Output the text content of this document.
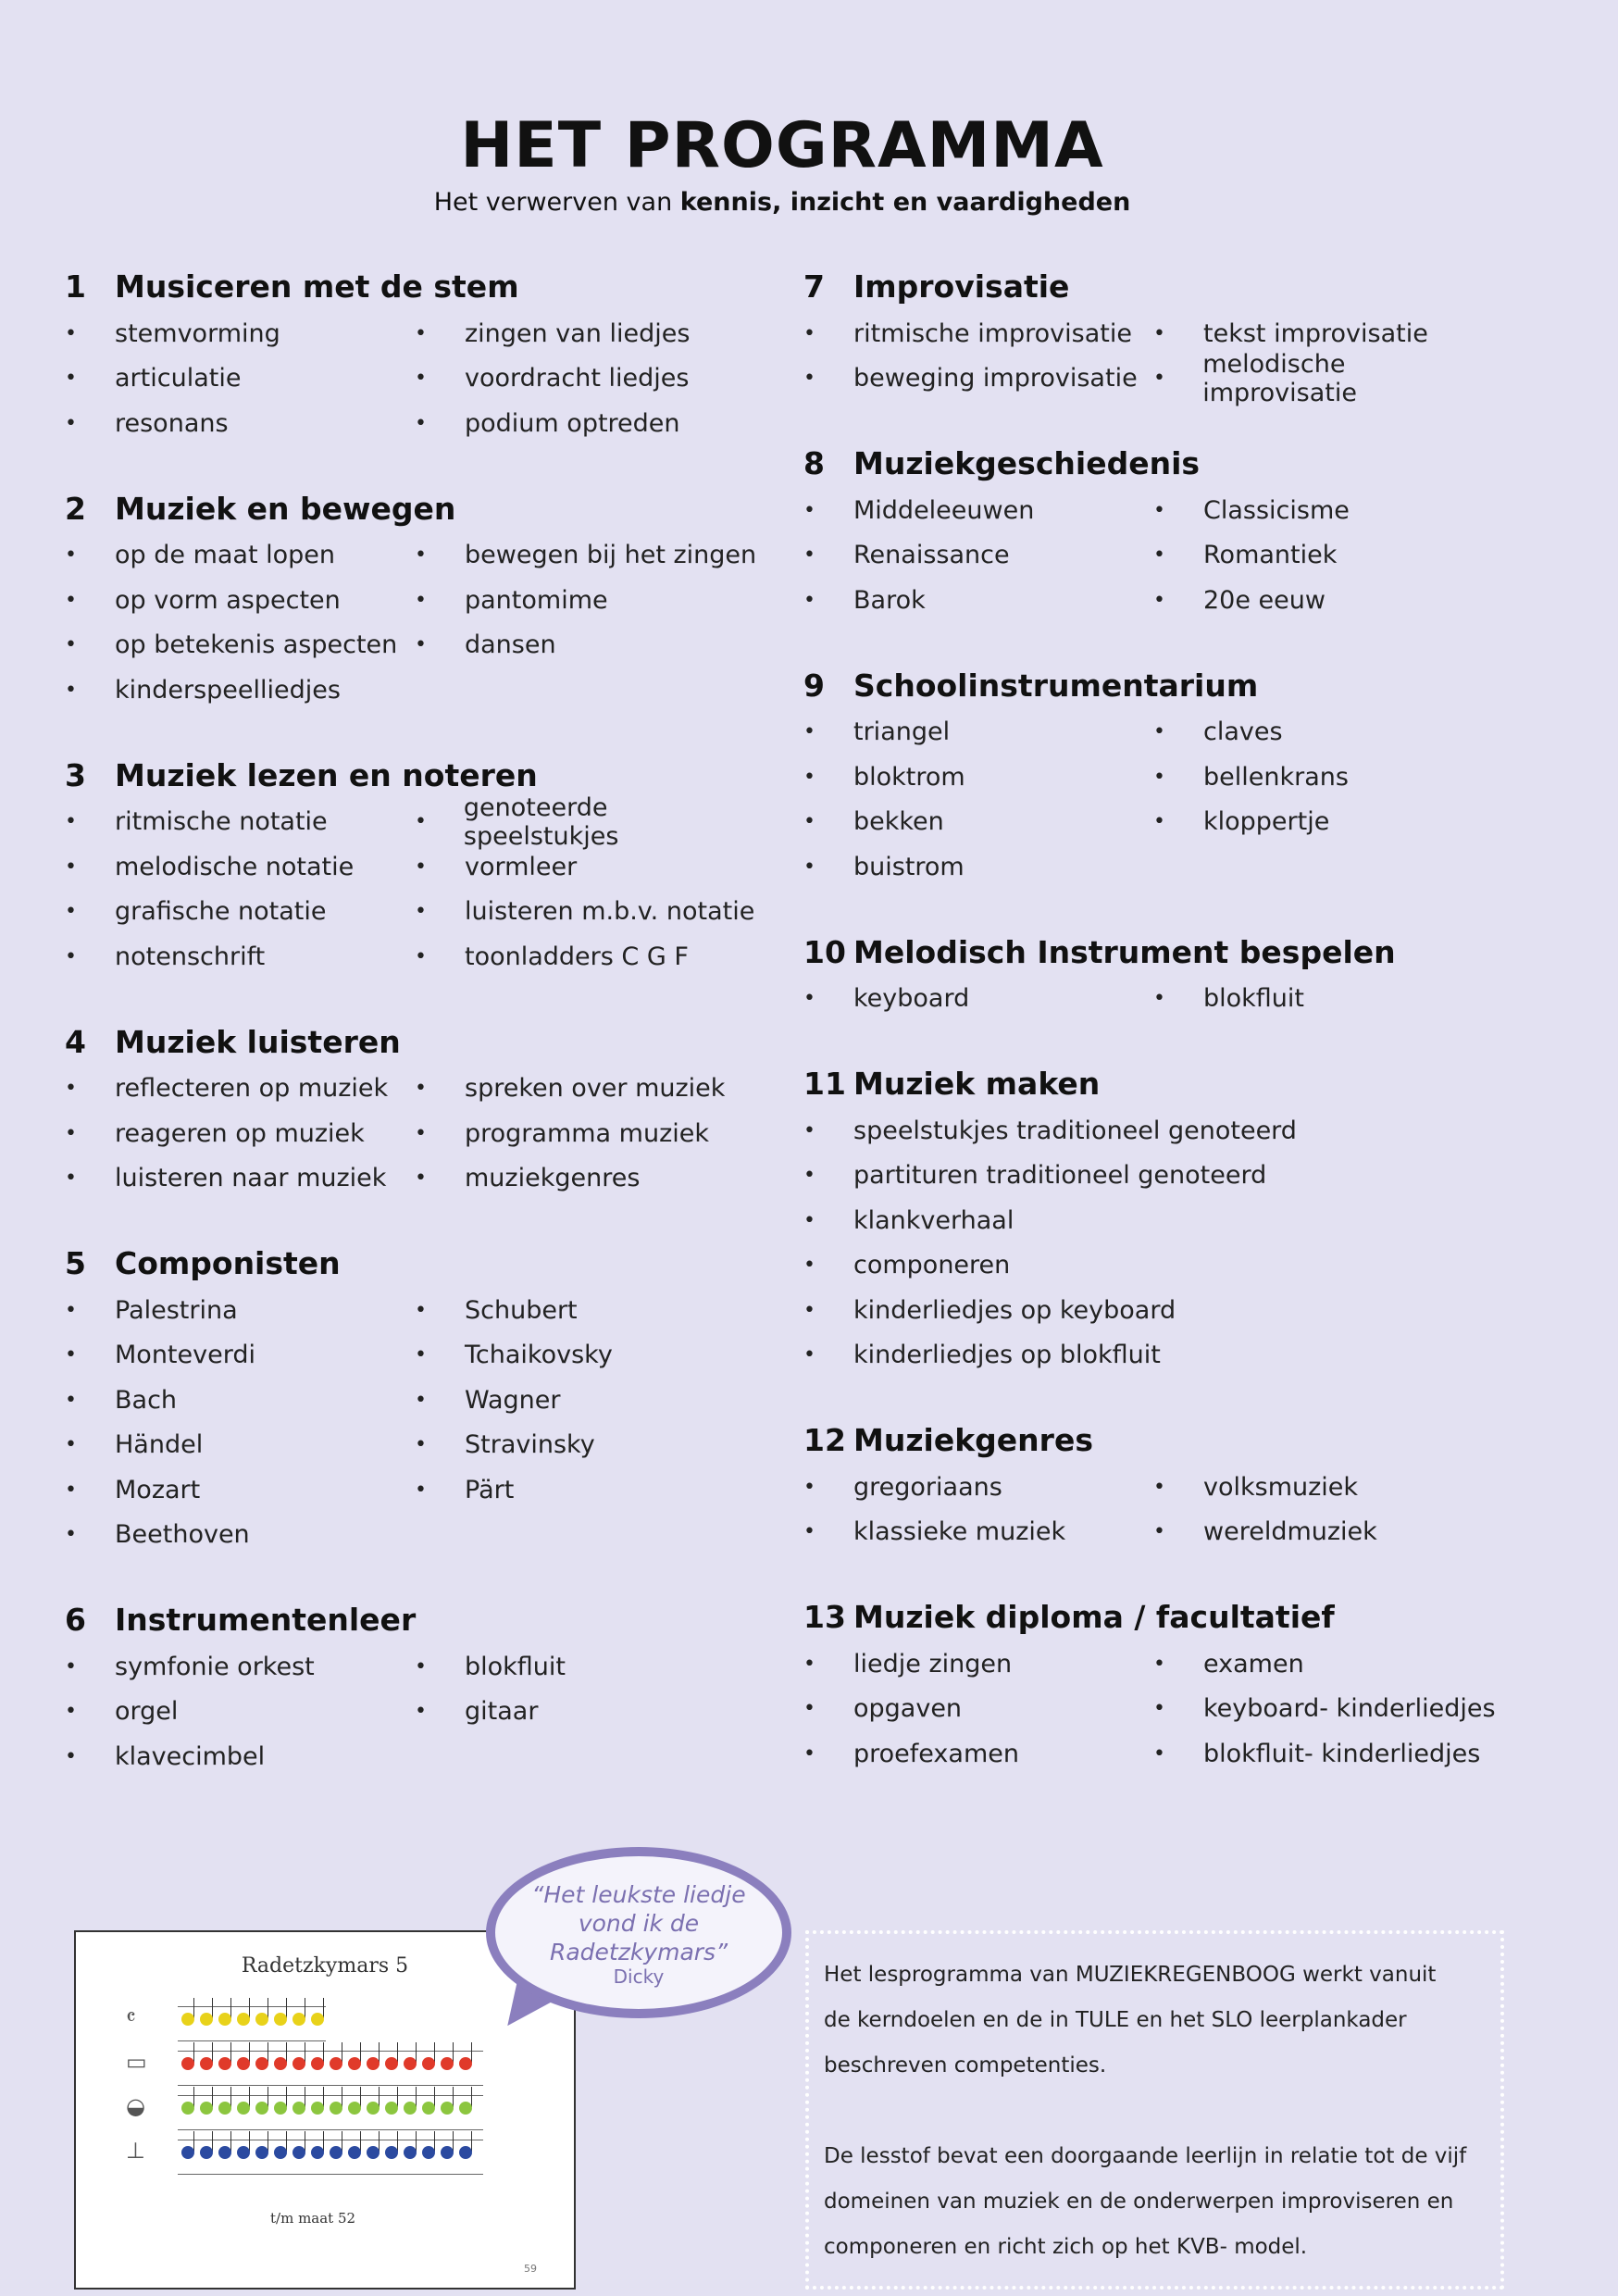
HET PROGRAMMA
Het verwerven van kennis, inzicht en vaardigheden
1 Musiceren met de stem
•	stemvorming	•	zingen van liedjes
•	articulatie	•	voordracht liedjes
•	resonans	•	podium optreden
2 Muziek en bewegen
•	op de maat lopen	•	bewegen bij het zingen
•	op vorm aspecten	•	pantomime
•	op betekenis aspecten •	dansen
•	kinderspeelliedjes
3 Muziek lezen en noteren
•	ritmische notatie	•	genoteerde speelstukjes
•	melodische notatie	•	vormleer
•	grafische notatie	•	luisteren m.b.v. notatie
•	notenschrift	•	toonladders C G F
4 Muziek luisteren
•	reflecteren op muziek •	spreken over muziek
•	reageren op muziek •	programma muziek
•	luisteren naar muziek •	muziekgenres
5 Componisten
•	Palestrina	•	Schubert
•	Monteverdi	•	Tchaikovsky
•	Bach	•	Wagner
•	Händel	•	Stravinsky
•	Mozart	•	Pärt
•	Beethoven
6 Instrumentenleer
•	symfonie orkest	•	blokfluit
•	orgel	•	gitaar
•	klavecimbel
7 Improvisatie
•	ritmische improvisatie •	tekst improvisatie
•	beweging improvisatie •	melodische improvisatie
8 Muziekgeschiedenis
•	Middeleeuwen	•	Classicisme
•	Renaissance	•	Romantiek
•	Barok	•	20e eeuw
9 Schoolinstrumentarium
•	triangel	•	claves
•	bloktrom	•	bellenkrans
•	bekken	•	kloppertje
•	buistrom
10 Melodisch Instrument bespelen
•	keyboard	•	blokfluit
11 Muziek maken
•	speelstukjes traditioneel genoteerd
•	partituren traditioneel genoteerd
•	klankverhaal
•	componeren
•	kinderliedjes op keyboard
•	kinderliedjes op blokfluit
12 Muziekgenres
•	gregoriaans	•	volksmuziek
•	klassieke muziek	•	wereldmuziek
13 Muziek diploma / facultatief
•	liedje zingen	•	examen
•	opgaven	•	keyboard- kinderliedjes
•	proefexamen	•	blokfluit- kinderliedjes
Radetzkymars 5
𝄴
▭
◒
⊥
t/m maat 52
59
“Het leukste liedje
vond ik de
Radetzkymars”
Dicky	Het lesprogramma van MUZIEKREGENBOOG werkt vanuit

de kerndoelen en de in TULE en het SLO leerplankader

beschreven competenties.

De lesstof bevat een doorgaande leerlijn in relatie tot de vijf

domeinen van muziek en de onderwerpen improviseren en

componeren en richt zich op het KVB- model.
